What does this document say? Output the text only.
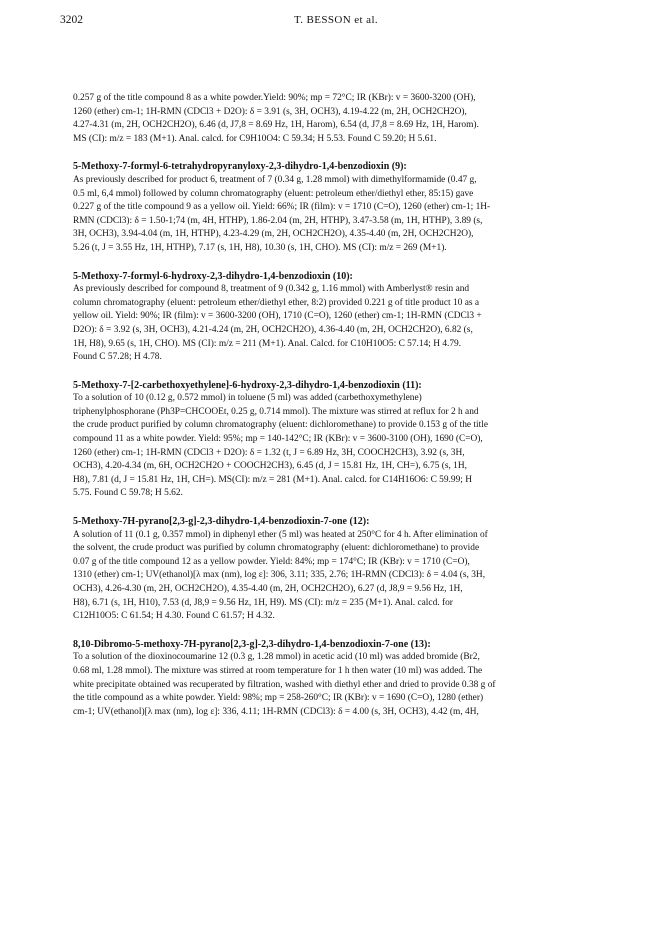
3202	T. BESSON et al.
0.257 g of the title compound 8 as a white powder.Yield: 90%; mp = 72°C; IR (KBr): v = 3600-3200 (OH),
1260 (ether) cm-1; 1H-RMN (CDCl3 + D2O): δ = 3.91 (s, 3H, OCH3), 4.19-4.22 (m, 2H, OCH2CH2O),
4.27-4.31 (m, 2H, OCH2CH2O), 6.46 (d, J7,8 = 8.69 Hz, 1H, Harom), 6.54 (d, J7,8 = 8.69 Hz, 1H, Harom).
MS (CI): m/z = 183 (M+1). Anal. calcd. for C9H10O4: C 59.34; H 5.53. Found C 59.20; H 5.61.
5-Methoxy-7-formyl-6-tetrahydropyranyloxy-2,3-dihydro-1,4-benzodioxin (9):
As previously described for product 6, treatment of 7 (0.34 g, 1.28 mmol) with dimethylformamide (0.47 g,
0.5 ml, 6,4 mmol) followed by column chromatography (eluent: petroleum ether/diethyl ether, 85:15) gave
0.227 g of the title compound 9 as a yellow oil. Yield: 66%; IR (film): v = 1710 (C=O), 1260 (ether) cm-1; 1H-
RMN (CDCl3): δ = 1.50-1;74 (m, 4H, HTHP), 1.86-2.04 (m, 2H, HTHP), 3.47-3.58 (m, 1H, HTHP), 3.89 (s,
3H, OCH3), 3.94-4.04 (m, 1H, HTHP), 4.23-4.29 (m, 2H, OCH2CH2O), 4.35-4.40 (m, 2H, OCH2CH2O),
5.26 (t, J = 3.55 Hz, 1H, HTHP), 7.17 (s, 1H, H8), 10.30 (s, 1H, CHO). MS (CI): m/z = 269 (M+1).
5-Methoxy-7-formyl-6-hydroxy-2,3-dihydro-1,4-benzodioxin (10):
As previously described for compound 8, treatment of 9 (0.342 g, 1.16 mmol) with Amberlyst® resin and
column chromatography (eluent: petroleum ether/diethyl ether, 8:2) provided 0.221 g of title product 10 as a
yellow oil. Yield: 90%; IR (film): v = 3600-3200 (OH), 1710 (C=O), 1260 (ether) cm-1; 1H-RMN (CDCl3 +
D2O): δ = 3.92 (s, 3H, OCH3), 4.21-4.24 (m, 2H, OCH2CH2O), 4.36-4.40 (m, 2H, OCH2CH2O), 6.82 (s,
1H, H8), 9.65 (s, 1H, CHO). MS (CI): m/z = 211 (M+1). Anal. Calcd. for C10H10O5: C 57.14; H 4.79.
Found C 57.28; H 4.78.
5-Methoxy-7-[2-carbethoxyethylene]-6-hydroxy-2,3-dihydro-1,4-benzodioxin (11):
To a solution of 10 (0.12 g, 0.572 mmol) in toluene (5 ml) was added (carbethoxymethylene)
triphenylphosphorane (Ph3P=CHCOOEt, 0.25 g, 0.714 mmol). The mixture was stirred at reflux for 2 h and
the crude product purified by column chromatography (eluent: dichloromethane) to provide 0.153 g of the title
compound 11 as a white powder. Yield: 95%; mp = 140-142°C; IR (KBr): v = 3600-3100 (OH), 1690 (C=O),
1260 (ether) cm-1; 1H-RMN (CDCl3 + D2O): δ = 1.32 (t, J = 6.89 Hz, 3H, COOCH2CH3), 3.92 (s, 3H,
OCH3), 4.20-4.34 (m, 6H, OCH2CH2O + COOCH2CH3), 6.45 (d, J = 15.81 Hz, 1H, CH=), 6.75 (s, 1H,
H8), 7.81 (d, J = 15.81 Hz, 1H, CH=). MS(CI): m/z = 281 (M+1). Anal. calcd. for C14H16O6: C 59.99; H
5.75. Found C 59.78; H 5.62.
5-Methoxy-7H-pyrano[2,3-g]-2,3-dihydro-1,4-benzodioxin-7-one (12):
A solution of 11 (0.1 g, 0.357 mmol) in diphenyl ether (5 ml) was heated at 250°C for 4 h. After elimination of
the solvent, the crude product was purified by column chromatography (eluent: dichloromethane) to provide
0.07 g of the title compound 12 as a yellow powder. Yield: 84%; mp = 174°C; IR (KBr): v = 1710 (C=O),
1310 (ether) cm-1; UV(ethanol)[λ max (nm), log ε]: 306, 3.11; 335, 2.76; 1H-RMN (CDCl3): δ = 4.04 (s, 3H,
OCH3), 4.26-4.30 (m, 2H, OCH2CH2O), 4.35-4.40 (m, 2H, OCH2CH2O), 6.27 (d, J8,9 = 9.56 Hz, 1H,
H8), 6.71 (s, 1H, H10), 7.53 (d, J8,9 = 9.56 Hz, 1H, H9). MS (CI): m/z = 235 (M+1). Anal. calcd. for
C12H10O5: C 61.54; H 4.30. Found C 61.57; H 4.32.
8,10-Dibromo-5-methoxy-7H-pyrano[2,3-g]-2,3-dihydro-1,4-benzodioxin-7-one (13):
To a solution of the dioxinocoumarine 12 (0.3 g, 1.28 mmol) in acetic acid (10 ml) was added bromide (Br2,
0.68 ml, 1.28 mmol). The mixture was stirred at room temperature for 1 h then water (10 ml) was added. The
white precipitate obtained was recuperated by filtration, washed with diethyl ether and dried to provide 0.38 g of
the title compound as a white powder. Yield: 98%; mp = 258-260°C; IR (KBr): v = 1690 (C=O), 1280 (ether)
cm-1; UV(ethanol)[λ max (nm), log ε]: 336, 4.11; 1H-RMN (CDCl3): δ = 4.00 (s, 3H, OCH3), 4.42 (m, 4H,
